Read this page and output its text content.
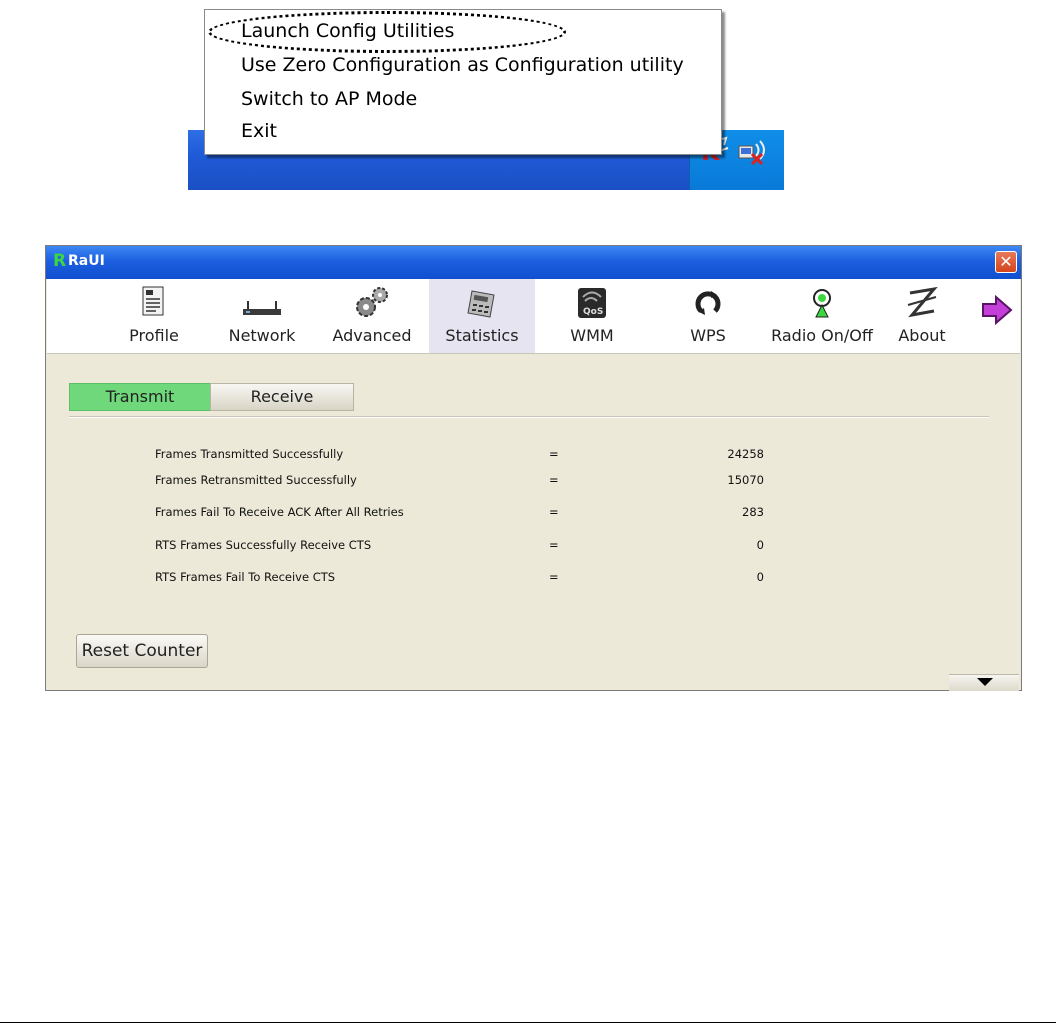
Launch Config Utilities
Use Zero Configuration as Configuration utility
Switch to AP Mode
Exit
R RaUI	✕
Profile	Network	Advanced	Statistics
QoS
WMM	WPS	Radio On/Off	About
Transmit	Receive
Frames Transmitted Successfully	=	24258
Frames Retransmitted Successfully	=	15070
Frames Fail To Receive ACK After All Retries	=	283
RTS Frames Successfully Receive CTS	=	0
RTS Frames Fail To Receive CTS	=	0
Reset Counter
